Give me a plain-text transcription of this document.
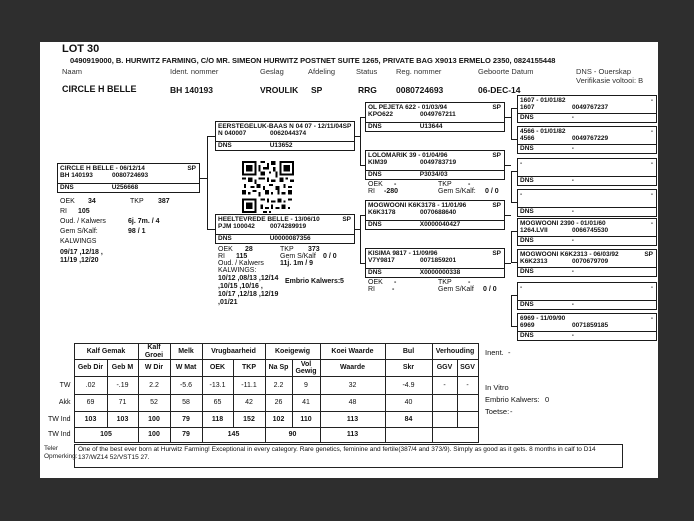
LOT 30
0490919000, B. HURWITZ FARMING, C/O MR. SIMEON HURWITZ POSTNET SUITE 1265, PRIVATE BAG X9013 ERMELO 2350, 0824155448
Naam	Ident. nommer	Geslag	Afdeling	Status Reg. nommer	Geboorte Datum	DNS - Ouerskap
Verifikasie voltooi: B
CIRCLE H BELLE	BH 140193	VROULIK SP	RRG 0080724693	06-DEC-14
CIRCLE H BELLE - 06/12/14	SP
BH 140193	0080724693
DNS	U256668
OEK 34	TKP 387
RI 105
Oud. / Kalwers	6j. 7m. / 4
Gem S/Kalf:	98 / 1
KALWINGS
09/17 ,12/18 ,
11/19 ,12/20
EERSTEGELUK-BAAS N 04 07 - 12/11/04 SP
N 040007	0062044374
DNS	U13652
HEELTEVREDE BELLE - 13/06/10	SP
PJM 100042	0074289919
DNS	U0000087356
OEK 28	TKP 373
RI 115	Gem S/Kalf 0 / 0
Oud. / Kalwers 11j. 1m / 9
KALWINGS:
10/12 ,08/13 ,12/14
,10/15 ,10/16 ,
10/17 ,12/18 ,12/19
,01/21
Embrio Kalwers: 5
OL PEJETA 622 - 01/03/94	SP
KPO622	0049767211
DNS	U13644
LOLOMARIK 39 - 01/04/96	SP
KIM39	0049783719
DNS	P3034/03
OEK -	TKP -
RI -280	Gem S/Kalf: 0 / 0
MOGWOONI K6K3178 - 11/01/96	SP
K6K3178	0070688640
DNS	X0000040427
KISIMA 9817 - 11/09/96	SP
V7Y9817	0071859201
DNS	X0000000338
OEK -	TKP -
RI -	Gem S/Kalf 0 / 0
1607 - 01/01/82	-
1607	0049767237
DNS	-
4566 - 01/01/82	-
4566	0049767229
DNS	-
-	-
DNS	-
-	-
DNS	-
MOGWOONI 2390 - 01/01/60	-
1264.LVII	0066745530
DNS	-
MOGWOONI K6K2313 - 06/03/92	SP
K6K2313	0070679709
DNS	-
-	-
DNS	-
6969 - 11/09/90	-
6969	0071859185
DNS	-
	Kalf Gemak		Kalf Groei	Melk	Vrugbaarheid		Koeigewig		Koei Waarde	Bul	Verhouding	
	Geb Dir	Geb M	W Dir	W Mat	OEK	TKP	Na Sp	Vol Gewig	Waarde	Skr	GGV	SGV
TW	.02	-.19	2.2	-5.6	-13.1	-11.1	2.2	9	32	-4.9	-	-
Akk	69	71	52	58	65	42	26	41	48	40		
TW Ind	103	103	100	79	118	152	102	110	113	84		
TW Ind	105		100	79	145		90		113			
Teler Opmerking:
One of the best ever born at Hurwitz Farming! Exceptional in every category. Rare genetics, feminine and fertile(387/4 and 373/9). Simply as good as it gets. 8 months in calf to D14 137/WZ14 52/VST15 27.
Inent. -
In Vitro
Embrio Kalwers: 0
Toetse: -
